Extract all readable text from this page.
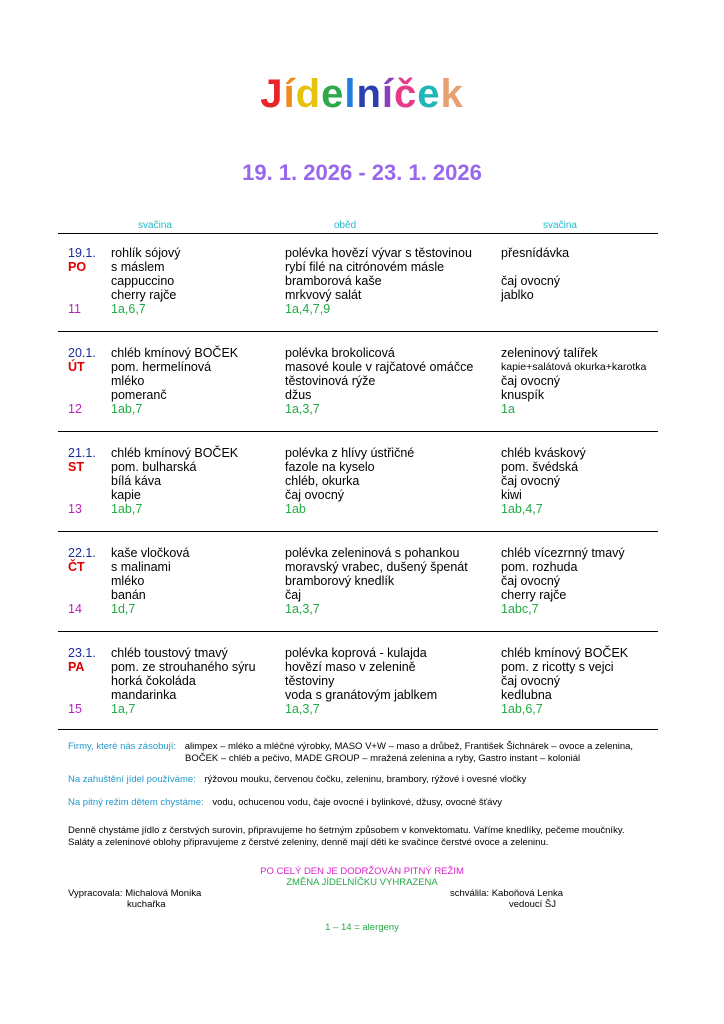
Jídelníček
19. 1. 2026 - 23. 1. 2026
svačina	oběd	svačina
19.1.
PO
11
rohlík sójový
s máslem
cappuccino
cherry rajče
1a,6,7
polévka hovězí vývar s těstovinou
rybí filé na citrónovém másle
bramborová kaše
mrkvový salát
1a,4,7,9
přesnídávka
čaj ovocný
jablko
20.1.
ÚT
12
chléb kmínový BOČEK
pom. hermelínová
mléko
pomeranč
1ab,7
polévka brokolicová
masové koule v rajčatové omáčce
těstovinová rýže
džus
1a,3,7
zeleninový talířek
kapie+salátová okurka+karotka
čaj ovocný
knuspík
1a
21.1.
ST
13
chléb kmínový BOČEK
pom. bulharská
bílá káva
kapie
1ab,7
polévka z hlívy ústřičné
fazole na kyselo
chléb, okurka
čaj ovocný
1ab
chléb kváskový
pom. švédská
čaj ovocný
kiwi
1ab,4,7
22.1.
ČT
14
kaše vločková
s malinami
mléko
banán
1d,7
polévka zeleninová s pohankou
moravský vrabec, dušený špenát
bramborový knedlík
čaj
1a,3,7
chléb vícezrnný tmavý
pom. rozhuda
čaj ovocný
cherry rajče
1abc,7
23.1.
PA
15
chléb toustový tmavý
pom. ze strouhaného sýru
horká čokoláda
mandarinka
1a,7
polévka koprová - kulajda
hovězí maso v zelenině
těstoviny
voda s granátovým jablkem
1a,3,7
chléb kmínový BOČEK
pom. z ricotty s vejci
čaj ovocný
kedlubna
1ab,6,7
Firmy, které nás zásobují: alimpex – mléko a mléčné výrobky, MASO V+W – maso a drůbež, František Šichnárek – ovoce a zelenina,
BOČEK – chléb a pečivo, MADE GROUP – mražená zelenina a ryby, Gastro instant – koloniál
Na zahuštění jídel používáme: rýžovou mouku, červenou čočku, zeleninu, brambory, rýžové i ovesné vločky
Na pitný režim dětem chystáme: vodu, ochucenou vodu, čaje ovocné i bylinkové, džusy, ovocné šťávy
Denně chystáme jídlo z čerstvých surovin, připravujeme ho šetrným způsobem v konvektomatu. Vaříme knedlíky, pečeme moučníky.
Saláty a zeleninové oblohy připravujeme z čerstvé zeleniny, denně mají děti ke svačince čerstvé ovoce a zeleninu.
PO CELÝ DEN JE DODRŽOVÁN PITNÝ REŽIM
ZMĚNA JÍDELNÍČKU VYHRAZENA
Vypracovala: Michalová Monika
kuchařka
schválila: Kaboňová Lenka
vedoucí ŠJ
1 – 14 = alergeny
